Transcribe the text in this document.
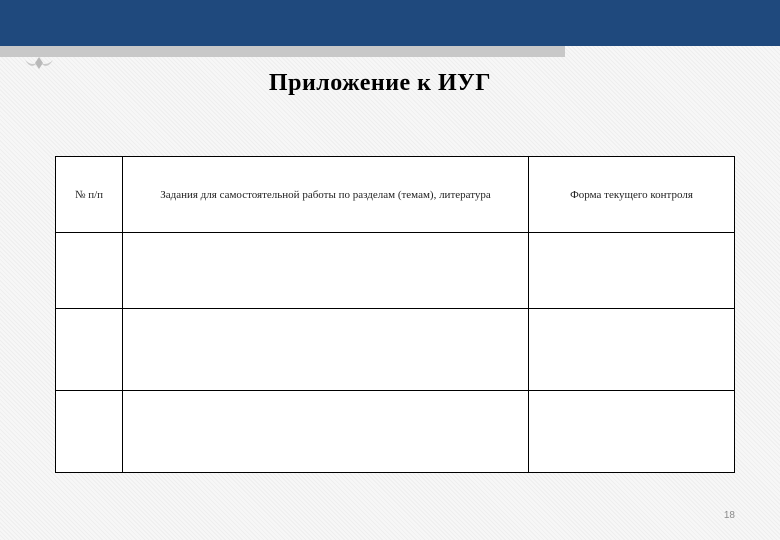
Приложение к ИУГ
№ п/п	Задания для самостоятельной работы по разделам (темам), литература	Форма текущего контроля

18
